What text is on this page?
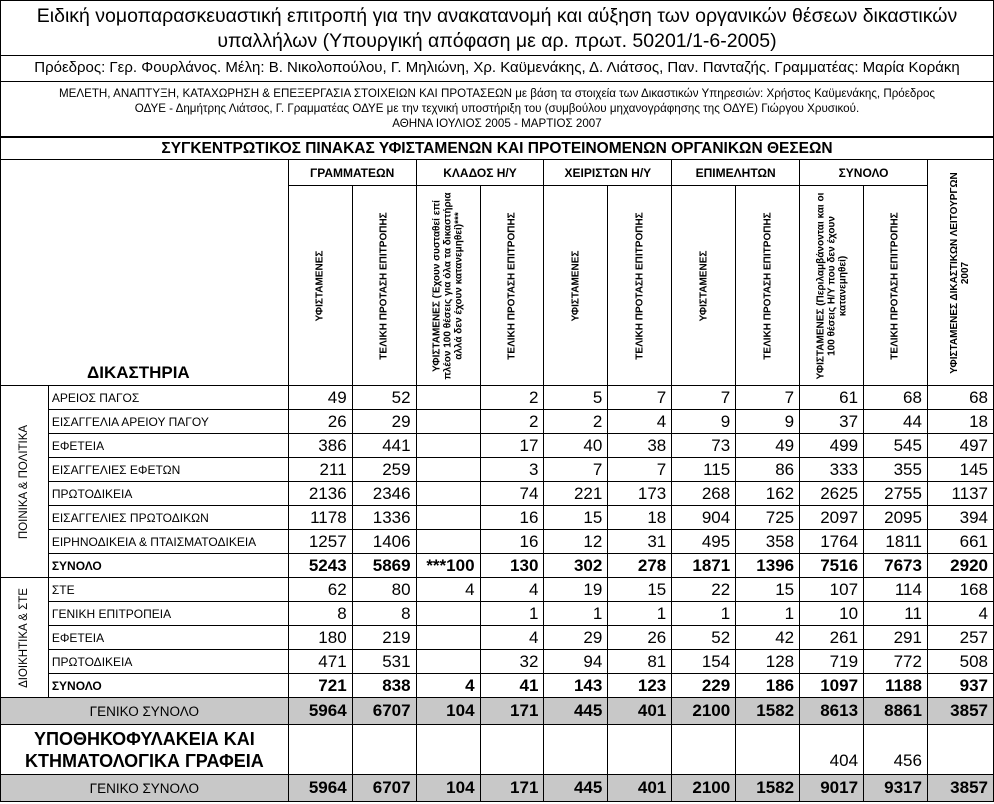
Ειδική νομοπαρασκευαστική επιτροπή για την ανακατανομή και αύξηση των οργανικών θέσεων δικαστικών υπαλλήλων (Υπουργική απόφαση με αρ. πρωτ. 50201/1-6-2005)
Πρόεδρος: Γερ. Φουρλάνος. Μέλη: Β. Νικολοπούλου, Γ. Μηλιώνη, Χρ. Καϋμενάκης, Δ. Λιάτσος, Παν. Πανταζής. Γραμματέας: Μαρία Κοράκη
ΜΕΛΕΤΗ, ΑΝΑΠΤΥΞΗ, ΚΑΤΑΧΩΡΗΣΗ & ΕΠΕΞΕΡΓΑΣΙΑ ΣΤΟΙΧΕΙΩΝ ΚΑΙ ΠΡΟΤΑΣΕΩΝ με βάση τα στοιχεία των Δικαστικών Υπηρεσιών: Χρήστος Καϋμενάκης, Πρόεδρος
ΟΔΥΕ - Δημήτρης Λιάτσος, Γ. Γραμματέας ΟΔΥΕ με την τεχνική υποστήριξη του (συμβούλου μηχανογράφησης της ΟΔΥΕ) Γιώργου Χρυσικού.
ΑΘΗΝΑ ΙΟΥΛΙΟΣ 2005 - ΜΑΡΤΙΟΣ 2007
ΣΥΓΚΕΝΤΡΩΤΙΚΟΣ ΠΙΝΑΚΑΣ ΥΦΙΣΤΑΜΕΝΩΝ ΚΑΙ ΠΡΟΤΕΙΝΟΜΕΝΩΝ ΟΡΓΑΝΙΚΩΝ ΘΕΣΕΩΝ												
ΔΙΚΑΣΤΗΡΙΑ		ΓΡΑΜΜΑΤΕΩΝ		ΚΛΑΔΟΣ Η/Υ		ΧΕΙΡΙΣΤΩΝ Η/Υ		ΕΠΙΜΕΛΗΤΩΝ		ΣΥΝΟΛΟ		ΥΦΙΣΤΑΜΕΝΕΣ ΔΙΚΑΣΤΙΚΩΝ ΛΕΙΤΟΥΡΓΩΝ 2007

		ΥΦΙΣΤΑΜΕΝΕΣ	ΤΕΛΙΚΗ ΠΡΟΤΑΣΗ ΕΠΙΤΡΟΠΗΣ	ΥΦΙΣΤΑΜΕΝΕΣ (Έχουν συσταθεί επί πλέον 100 θέσεις για όλα τα δικαστήρια αλλά δεν έχουν κατανεμηθεί)***	ΤΕΛΙΚΗ ΠΡΟΤΑΣΗ ΕΠΙΤΡΟΠΗΣ	ΥΦΙΣΤΑΜΕΝΕΣ	ΤΕΛΙΚΗ ΠΡΟΤΑΣΗ ΕΠΙΤΡΟΠΗΣ	ΥΦΙΣΤΑΜΕΝΕΣ	ΤΕΛΙΚΗ ΠΡΟΤΑΣΗ ΕΠΙΤΡΟΠΗΣ	ΥΦΙΣΤΑΜΕΝΕΣ (Περιλαμβάνονται και οι 100 θέσεις Η/Υ που δεν έχουν κατανεμηθεί)	ΤΕΛΙΚΗ ΠΡΟΤΑΣΗ ΕΠΙΤΡΟΠΗΣ	

ΠΟΙΝΙΚΑ & ΠΟΛΙΤΙΚΑ	ΑΡΕΙΟΣ ΠΑΓΟΣ	49	52		2	5	7	7	7	61	68	68
	ΕΙΣΑΓΓΕΛΙΑ ΑΡΕΙΟΥ ΠΑΓΟΥ	26	29		2	2	4	9	9	37	44	18
	ΕΦΕΤΕΙΑ	386	441		17	40	38	73	49	499	545	497
	ΕΙΣΑΓΓΕΛΙΕΣ ΕΦΕΤΩΝ	211	259		3	7	7	115	86	333	355	145
	ΠΡΩΤΟΔΙΚΕΙΑ	2136	2346		74	221	173	268	162	2625	2755	1137
	ΕΙΣΑΓΓΕΛΙΕΣ ΠΡΩΤΟΔΙΚΩΝ	1178	1336		16	15	18	904	725	2097	2095	394
	ΕΙΡΗΝΟΔΙΚΕΙΑ & ΠΤΑΙΣΜΑΤΟΔΙΚΕΙΑ	1257	1406		16	12	31	495	358	1764	1811	661
	ΣΥΝΟΛΟ	5243	5869	***100	130	302	278	1871	1396	7516	7673	2920

ΔΙΟΙΚΗΤΙΚΑ & ΣΤΕ	ΣΤΕ	62	80	4	4	19	15	22	15	107	114	168
	ΓΕΝΙΚΗ ΕΠΙΤΡΟΠΕΙΑ	8	8		1	1	1	1	1	10	11	4
	ΕΦΕΤΕΙΑ	180	219		4	29	26	52	42	261	291	257
	ΠΡΩΤΟΔΙΚΕΙΑ	471	531		32	94	81	154	128	719	772	508
	ΣΥΝΟΛΟ	721	838	4	41	143	123	229	186	1097	1188	937
ΓΕΝΙΚΟ ΣΥΝΟΛΟ		5964	6707	104	171	445	401	2100	1582	8613	8861	3857
ΥΠΟΘΗΚΟΦΥΛΑΚΕΙΑ ΚΑΙ ΚΤΗΜΑΤΟΛΟΓΙΚΑ ΓΡΑΦΕΙΑ										404	456	
ΓΕΝΙΚΟ ΣΥΝΟΛΟ		5964	6707	104	171	445	401	2100	1582	9017	9317	3857
